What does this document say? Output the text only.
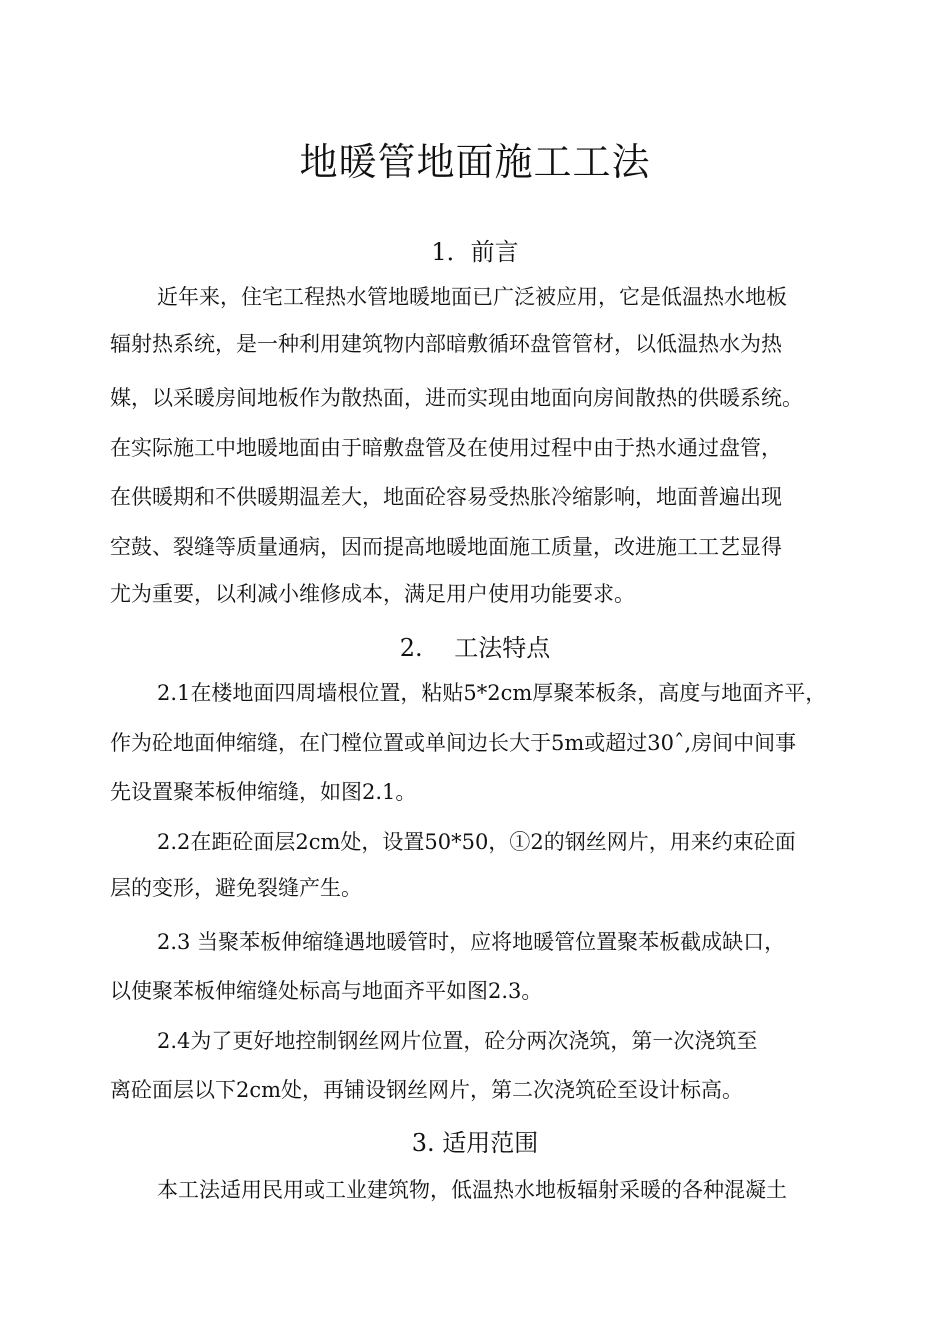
地暖管地面施工工法
1．前言
近年来，住宅工程热水管地暖地面已广泛被应用，它是低温热水地板
辐射热系统，是一种利用建筑物内部暗敷循环盘管管材，以低温热水为热
媒，以采暖房间地板作为散热面，进而实现由地面向房间散热的供暖系统。
在实际施工中地暖地面由于暗敷盘管及在使用过程中由于热水通过盘管，
在供暖期和不供暖期温差大，地面砼容易受热胀冷缩影响，地面普遍出现
空鼓、裂缝等质量通病，因而提高地暖地面施工质量，改进施工工艺显得
尤为重要，以利减小维修成本，满足用户使用功能要求。
2.　 工法特点
2.1在楼地面四周墙根位置，粘贴5*2cm厚聚苯板条，高度与地面齐平，
作为砼地面伸缩缝，在门樘位置或单间边长大于5m或超过30ˆ,房间中间事
先设置聚苯板伸缩缝，如图2.1。
2.2在距砼面层2cm处，设置50*50，①2的钢丝网片，用来约束砼面
层的变形，避免裂缝产生。
2.3 当聚苯板伸缩缝遇地暖管时，应将地暖管位置聚苯板截成缺口，
以使聚苯板伸缩缝处标高与地面齐平如图2.3。
2.4为了更好地控制钢丝网片位置，砼分两次浇筑，第一次浇筑至
离砼面层以下2cm处，再铺设钢丝网片，第二次浇筑砼至设计标高。
3. 适用范围
本工法适用民用或工业建筑物，低温热水地板辐射采暖的各种混凝土
